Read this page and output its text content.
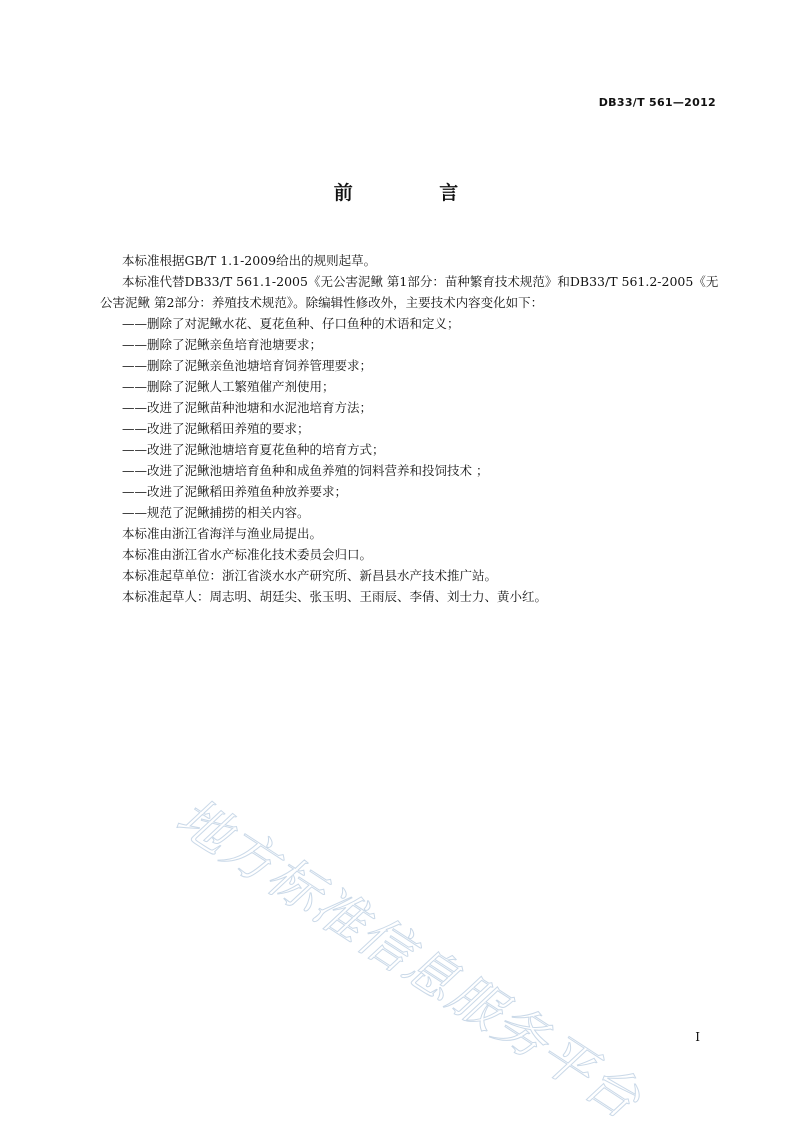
DB33/T 561—2012
前 言

本标准根据GB/T 1.1-2009给出的规则起草。

本标准代替DB33/T 561.1-2005《无公害泥鳅 第1部分：苗种繁育技术规范》和DB33/T 561.2-2005《无公害泥鳅 第2部分：养殖技术规范》。除编辑性修改外，主要技术内容变化如下：

——删除了对泥鳅水花、夏花鱼种、仔口鱼种的术语和定义；

——删除了泥鳅亲鱼培育池塘要求；

——删除了泥鳅亲鱼池塘培育饲养管理要求；

——删除了泥鳅人工繁殖催产剂使用；

——改进了泥鳅苗种池塘和水泥池培育方法；

——改进了泥鳅稻田养殖的要求；

——改进了泥鳅池塘培育夏花鱼种的培育方式；

——改进了泥鳅池塘培育鱼种和成鱼养殖的饲料营养和投饲技术 ；

——改进了泥鳅稻田养殖鱼种放养要求；

——规范了泥鳅捕捞的相关内容。

本标准由浙江省海洋与渔业局提出。

本标准由浙江省水产标准化技术委员会归口。

本标准起草单位：浙江省淡水水产研究所、新昌县水产技术推广站。

本标准起草人：周志明、胡廷尖、张玉明、王雨辰、李倩、刘士力、黄小红。

地方标准信息服务平台	I
